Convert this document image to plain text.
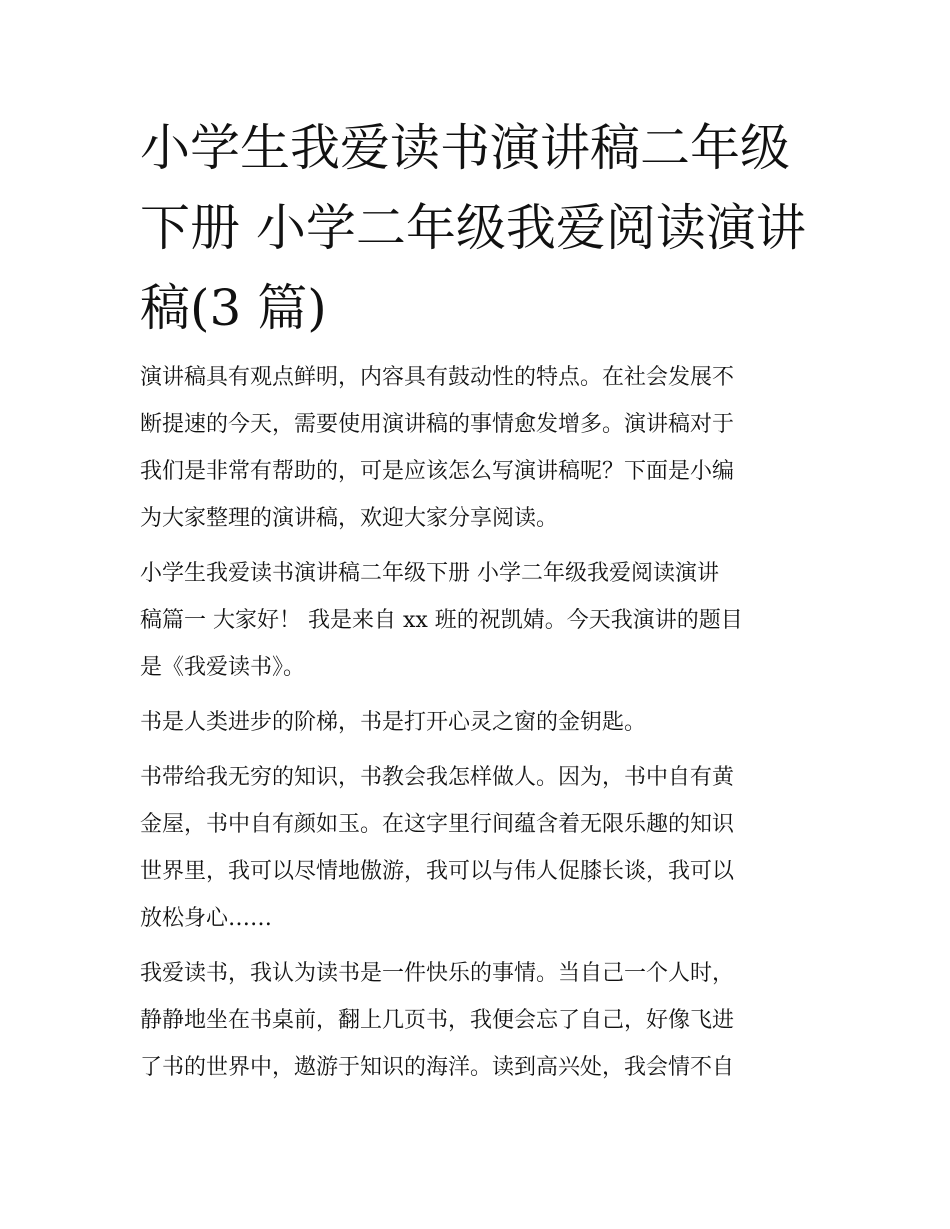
小学生我爱读书演讲稿二年级
下册 小学二年级我爱阅读演讲
稿(3 篇)

演讲稿具有观点鲜明，内容具有鼓动性的特点。在社会发展不
断提速的今天，需要使用演讲稿的事情愈发增多。演讲稿对于
我们是非常有帮助的，可是应该怎么写演讲稿呢？下面是小编
为大家整理的演讲稿，欢迎大家分享阅读。

小学生我爱读书演讲稿二年级下册 小学二年级我爱阅读演讲
稿篇一 大家好！ 我是来自 xx 班的祝凯婧。今天我演讲的题目
是《我爱读书》。

书是人类进步的阶梯，书是打开心灵之窗的金钥匙。

书带给我无穷的知识，书教会我怎样做人。因为，书中自有黄
金屋，书中自有颜如玉。在这字里行间蕴含着无限乐趣的知识
世界里，我可以尽情地傲游，我可以与伟人促膝长谈，我可以
放松身心……

我爱读书，我认为读书是一件快乐的事情。当自己一个人时，
静静地坐在书桌前，翻上几页书，我便会忘了自己，好像飞进
了书的世界中，遨游于知识的海洋。读到高兴处，我会情不自
